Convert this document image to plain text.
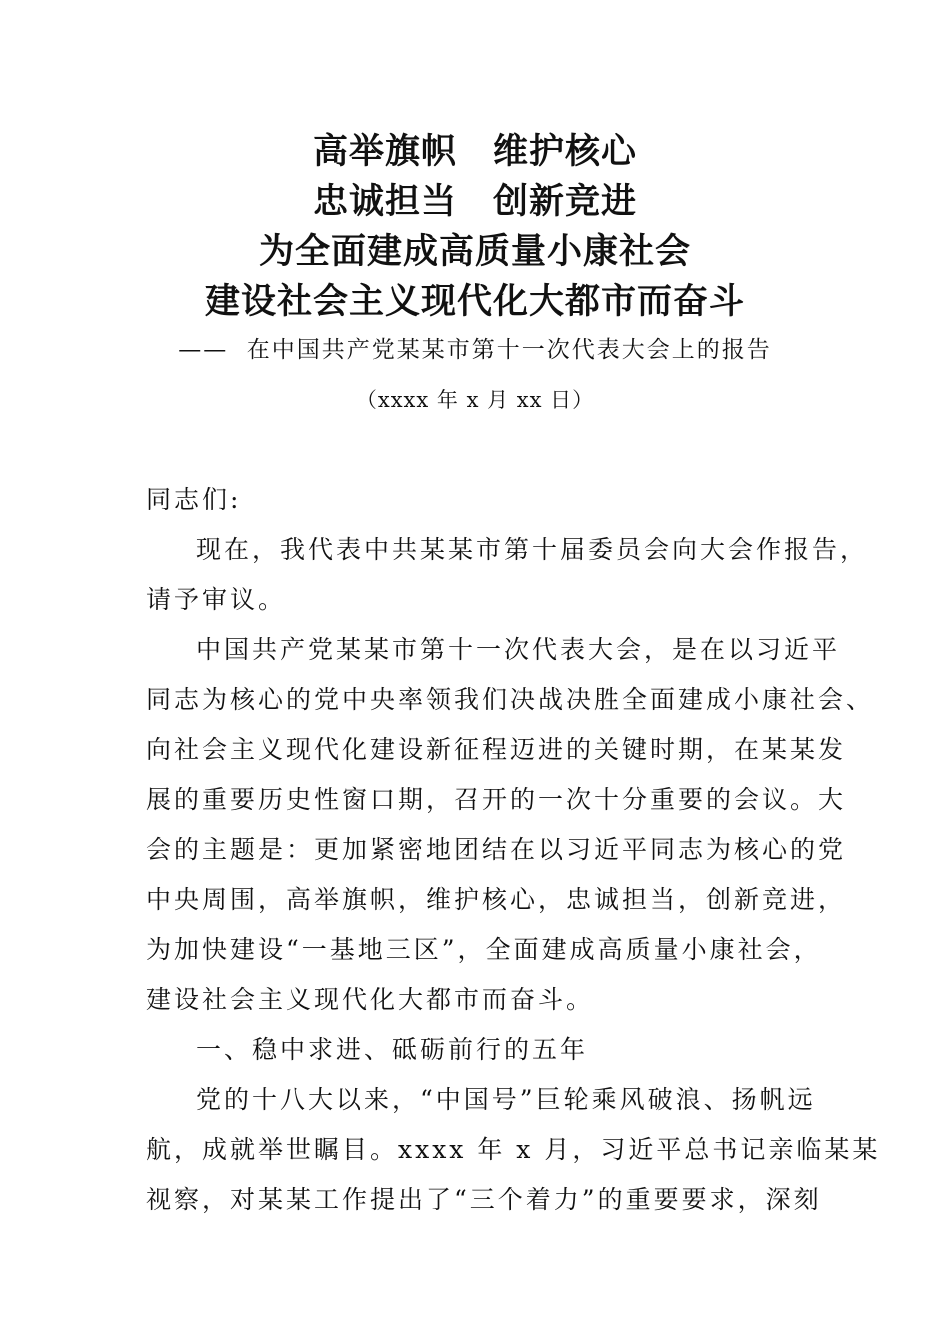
高举旗帜　维护核心
忠诚担当　创新竞进
为全面建成高质量小康社会
建设社会主义现代化大都市而奋斗
——  在中国共产党某某市第十一次代表大会上的报告
（xxxx 年 x 月 xx 日）
同志们:
现在，我代表中共某某市第十届委员会向大会作报告，
请予审议。
中国共产党某某市第十一次代表大会，是在以习近平
同志为核心的党中央率领我们决战决胜全面建成小康社会、
向社会主义现代化建设新征程迈进的关键时期，在某某发
展的重要历史性窗口期，召开的一次十分重要的会议。大
会的主题是：更加紧密地团结在以习近平同志为核心的党
中央周围，高举旗帜，维护核心，忠诚担当，创新竞进，
为加快建设“一基地三区”，全面建成高质量小康社会，
建设社会主义现代化大都市而奋斗。
一、稳中求进、砥砺前行的五年
党的十八大以来，“中国号”巨轮乘风破浪、扬帆远
航，成就举世瞩目。xxxx 年 x 月，习近平总书记亲临某某
视察，对某某工作提出了“三个着力”的重要要求，深刻
